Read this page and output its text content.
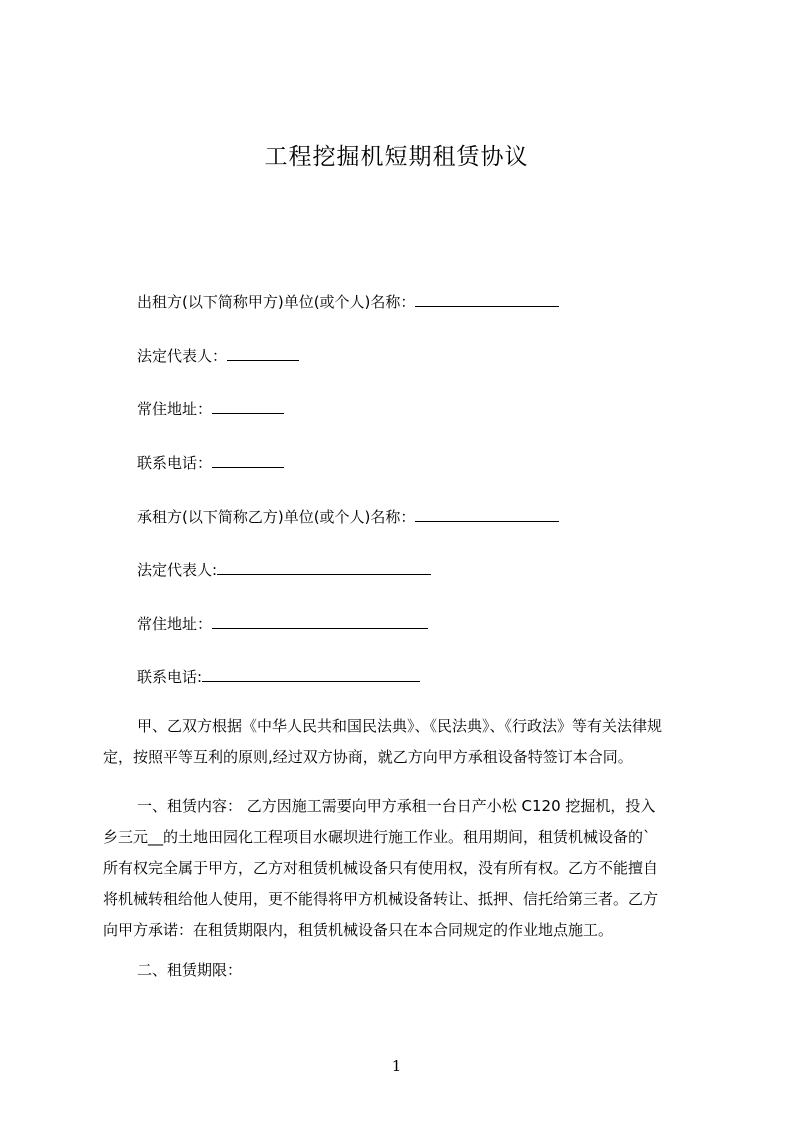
工程挖掘机短期租赁协议
出租方(以下简称甲方)单位(或个人)名称：
法定代表人：
常住地址：
联系电话：
承租方(以下简称乙方)单位(或个人)名称：
法定代表人:
常住地址：
联系电话:

甲、乙双方根据《中华人民共和国民法典》、《民法典》、《行政法》等有关法律规

定，按照平等互利的原则,经过双方协商，就乙方向甲方承租设备特签订本合同。

一、租赁内容： 乙方因施工需要向甲方承租一台日产小松 C120 挖掘机，投入

乡三元__的土地田园化工程项目水碾坝进行施工作业。租用期间，租赁机械设备的`

所有权完全属于甲方，乙方对租赁机械设备只有使用权，没有所有权。乙方不能擅自

将机械转租给他人使用，更不能得将甲方机械设备转让、抵押、信托给第三者。乙方

向甲方承诺：在租赁期限内，租赁机械设备只在本合同规定的作业地点施工。

二、租赁期限：
1
